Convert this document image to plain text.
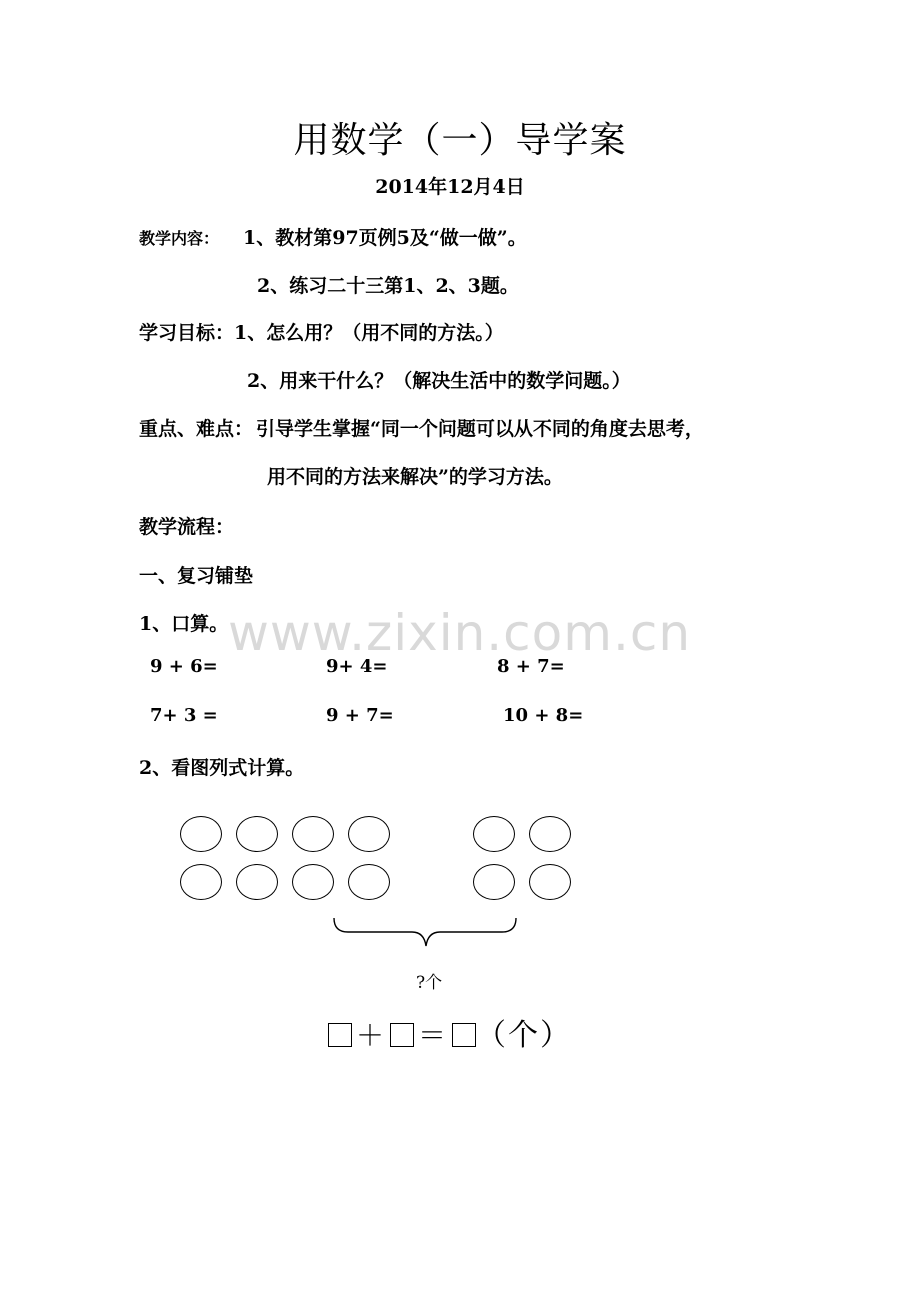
用数学（一）导学案
2014年12月4日
教学内容： 1、教材第97页例5及“做一做”。
2、练习二十三第1、2、3题。
学习目标： 1、怎么用？（用不同的方法。）
2、用来干什么？（解决生活中的数学问题。）
重点、难点： 引导学生掌握“同一个问题可以从不同的角度去思考，
用不同的方法来解决”的学习方法。
教学流程：
一、复习铺垫
www.zixin.com.cn
1、口算。
9 + 6=	9+ 4=	8 + 7=
7+ 3 =	9 + 7=	10 + 8=
2、看图列式计算。
?个
＋ ＝ （个）
